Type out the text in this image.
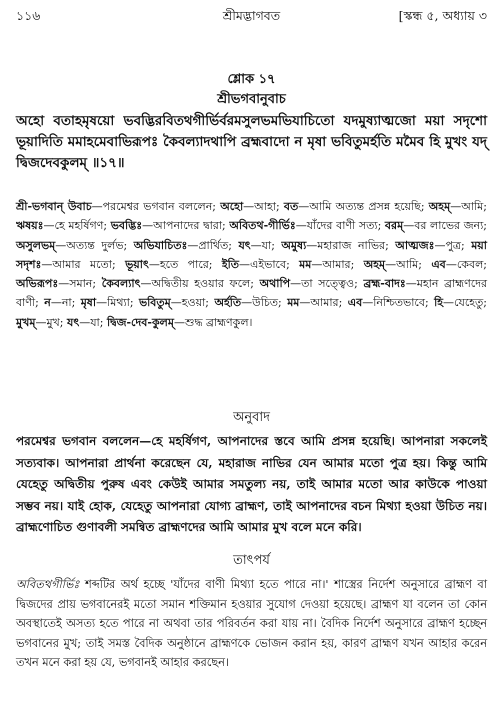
১১৬	শ্রীমদ্ভাগবত	[স্কন্ধ ৫, অধ্যায় ৩
শ্লোক ১৭
শ্রীভগবানুবাচ
অহো বতাহমৃষয়ো ভবদ্ভিরবিতথগীর্ভির্বরমসুলভমভিযাচিতো যদমুষ্যাত্মজো ময়া সদৃশো ভূয়াদিতি মমাহমেবাভিরূপঃ কৈবল্যাদথাপি ব্রহ্মবাদো ন মৃষা ভবিতুমর্হতি মমৈব হি মুখং যদ্ দ্বিজদেবকুলম্ ॥১৭॥
শ্রী-ভগবান্ উবাচ—পরমেশ্বর ভগবান বললেন; অহো—আহা; বত—আমি অত্যন্ত প্রসন্ন হয়েছি; অহম্—আমি; ঋষয়ঃ—হে মহর্ষিগণ; ভবদ্ভিঃ—আপনাদের দ্বারা; অবিতথ-গীর্ভিঃ—যাঁদের বাণী সত্য; বরম্—বর লাভের জন্য; অসুলভম্—অত্যন্ত দুর্লভ; অভিযাচিতঃ—প্রার্থিত; যৎ—যা; অমুষ্য—মহারাজ নাভির; আত্মজঃ—পুত্র; ময়া সদৃশঃ—আমার মতো; ভূয়াৎ—হতে পারে; ইতি—এইভাবে; মম—আমার; অহম্—আমি; এব—কেবল; অভিরূপঃ—সমান; কৈবল্যাৎ—অদ্বিতীয় হওয়ার ফলে; অথাপি—তা সত্ত্বেও; ব্রহ্ম-বাদঃ—মহান ব্রাহ্মণদের বাণী; ন—না; মৃষা—মিথ্যা; ভবিতুম্—হওয়া; অর্হতি—উচিত; মম—আমার; এব—নিশ্চিতভাবে; হি—যেহেতু; মুখম্—মুখ; যৎ—যা; দ্বিজ-দেব-কুলম্—শুদ্ধ ব্রাহ্মণকুল।
অনুবাদ
পরমেশ্বর ভগবান বললেন—হে মহর্ষিগণ, আপনাদের স্তবে আমি প্রসন্ন হয়েছি। আপনারা সকলেই সত্যবাক। আপনারা প্রার্থনা করেছেন যে, মহারাজ নাভির যেন আমার মতো পুত্র হয়। কিন্তু আমি যেহেতু অদ্বিতীয় পুরুষ এবং কেউই আমার সমতুল্য নয়, তাই আমার মতো আর কাউকে পাওয়া সম্ভব নয়। যাই হোক, যেহেতু আপনারা যোগ্য ব্রাহ্মণ, তাই আপনাদের বচন মিথ্যা হওয়া উচিত নয়। ব্রাহ্মণোচিত গুণাবলী সমন্বিত ব্রাহ্মণদের আমি আমার মুখ বলে মনে করি।
তাৎপর্য
অবিতথগীর্ভিঃ শব্দটির অর্থ হচ্ছে 'যাঁদের বাণী মিথ্যা হতে পারে না।' শাস্ত্রের নির্দেশ অনুসারে ব্রাহ্মণ বা দ্বিজদের প্রায় ভগবানেরই মতো সমান শক্তিমান হওয়ার সুযোগ দেওয়া হয়েছে। ব্রাহ্মণ যা বলেন তা কোন অবস্থাতেই অসত্য হতে পারে না অথবা তার পরিবর্তন করা যায় না। বৈদিক নির্দেশ অনুসারে ব্রাহ্মণ হচ্ছেন ভগবানের মুখ; তাই সমস্ত বৈদিক অনুষ্ঠানে ব্রাহ্মণকে ভোজন করান হয়, কারণ ব্রাহ্মণ যখন আহার করেন তখন মনে করা হয় যে, ভগবানই আহার করছেন।
